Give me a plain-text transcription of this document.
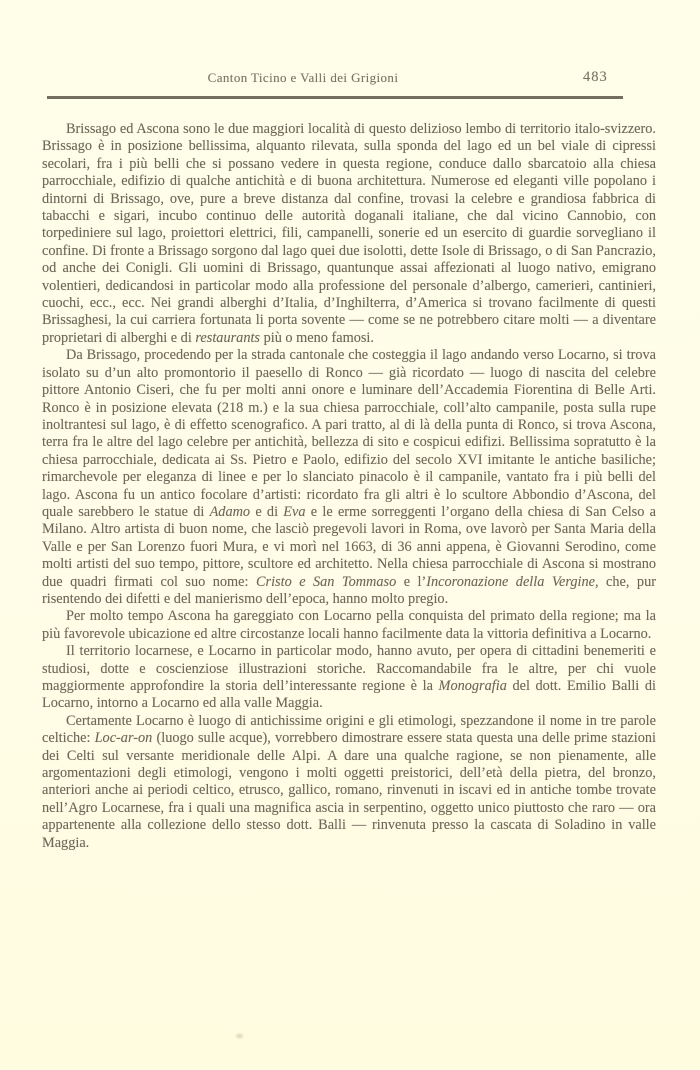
Canton Ticino e Valli dei Grigioni	483

Brissago ed Ascona sono le due maggiori località di questo delizioso lembo di territorio italo-svizzero. Brissago è in posizione bellissima, alquanto rilevata, sulla sponda del lago ed un bel viale di cipressi secolari, fra i più belli che si possano vedere in questa regione, conduce dallo sbarcatoio alla chiesa parrocchiale, edifizio di qualche antichità e di buona architettura. Numerose ed eleganti ville popolano i dintorni di Brissago, ove, pure a breve distanza dal confine, trovasi la celebre e grandiosa fabbrica di tabacchi e sigari, incubo continuo delle autorità doganali italiane, che dal vicino Cannobio, con torpediniere sul lago, proiettori elettrici, fili, campanelli, sonerie ed un esercito di guardie sorvegliano il confine. Di fronte a Brissago sorgono dal lago quei due isolotti, dette Isole di Brissago, o di San Pancrazio, od anche dei Conigli. Gli uomini di Brissago, quantunque assai affezionati al luogo nativo, emigrano volentieri, dedicandosi in particolar modo alla professione del personale d’albergo, camerieri, cantinieri, cuochi, ecc., ecc. Nei grandi alberghi d’Italia, d’Inghilterra, d’America si trovano facilmente di questi Brissaghesi, la cui carriera fortunata li porta sovente — come se ne potrebbero citare molti — a diventare proprietari di alberghi e di restaurants più o meno famosi.

Da Brissago, procedendo per la strada cantonale che costeggia il lago andando verso Locarno, si trova isolato su d’un alto promontorio il paesello di Ronco — già ricordato — luogo di nascita del celebre pittore Antonio Ciseri, che fu per molti anni onore e luminare dell’Accademia Fiorentina di Belle Arti. Ronco è in posizione elevata (218 m.) e la sua chiesa parrocchiale, coll’alto campanile, posta sulla rupe inoltrantesi sul lago, è di effetto scenografico. A pari tratto, al di là della punta di Ronco, si trova Ascona, terra fra le altre del lago celebre per antichità, bellezza di sito e cospicui edifizi. Bellissima sopratutto è la chiesa parrocchiale, dedicata ai Ss. Pietro e Paolo, edifizio del secolo XVI imitante le antiche basiliche; rimarchevole per eleganza di linee e per lo slanciato pinacolo è il campanile, vantato fra i più belli del lago. Ascona fu un antico focolare d’artisti: ricordato fra gli altri è lo scultore Abbondio d’Ascona, del quale sarebbero le statue di Adamo e di Eva e le erme sorreggenti l’organo della chiesa di San Celso a Milano. Altro artista di buon nome, che lasciò pregevoli lavori in Roma, ove lavorò per Santa Maria della Valle e per San Lorenzo fuori Mura, e vi morì nel 1663, di 36 anni appena, è Giovanni Serodino, come molti artisti del suo tempo, pittore, scultore ed architetto. Nella chiesa parrocchiale di Ascona si mostrano due quadri firmati col suo nome: Cristo e San Tommaso e l’Incoronazione della Vergine, che, pur risentendo dei difetti e del manierismo dell’epoca, hanno molto pregio.

Per molto tempo Ascona ha gareggiato con Locarno pella conquista del primato della regione; ma la più favorevole ubicazione ed altre circostanze locali hanno facilmente data la vittoria definitiva a Locarno.

Il territorio locarnese, e Locarno in particolar modo, hanno avuto, per opera di cittadini benemeriti e studiosi, dotte e coscienziose illustrazioni storiche. Raccomandabile fra le altre, per chi vuole maggiormente approfondire la storia dell’interessante regione è la Monografia del dott. Emilio Balli di Locarno, intorno a Locarno ed alla valle Maggia.

Certamente Locarno è luogo di antichissime origini e gli etimologi, spezzandone il nome in tre parole celtiche: Loc-ar-on (luogo sulle acque), vorrebbero dimostrare essere stata questa una delle prime stazioni dei Celti sul versante meridionale delle Alpi. A dare una qualche ragione, se non pienamente, alle argomentazioni degli etimologi, vengono i molti oggetti preistorici, dell’età della pietra, del bronzo, anteriori anche ai periodi celtico, etrusco, gallico, romano, rinvenuti in iscavi ed in antiche tombe trovate nell’Agro Locarnese, fra i quali una magnifica ascia in serpentino, oggetto unico piuttosto che raro — ora appartenente alla collezione dello stesso dott. Balli — rinvenuta presso la cascata di Soladino in valle Maggia.
